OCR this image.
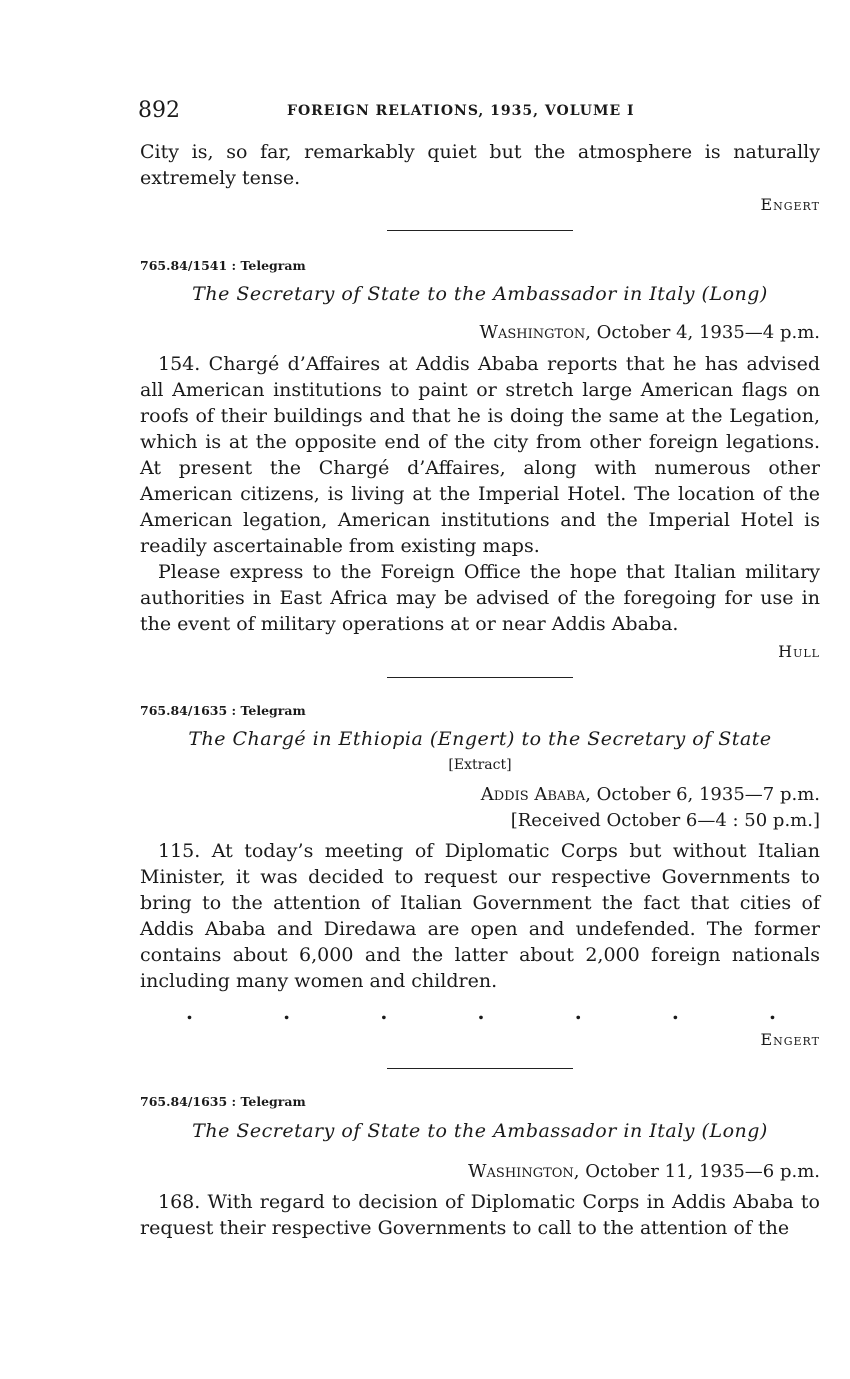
892	FOREIGN RELATIONS, 1935, VOLUME I

City is, so far, remarkably quiet but the atmosphere is naturally extremely tense.

Engert
765.84/1541 : Telegram
The Secretary of State to the Ambassador in Italy (Long)
Washington, October 4, 1935—4 p.m.

154. Chargé d’Affaires at Addis Ababa reports that he has advised all American institutions to paint or stretch large American flags on roofs of their buildings and that he is doing the same at the Legation, which is at the opposite end of the city from other foreign legations. At present the Chargé d’Affaires, along with numerous other American citizens, is living at the Imperial Hotel. The location of the American legation, American institutions and the Imperial Hotel is readily ascertainable from existing maps.

Please express to the Foreign Office the hope that Italian military authorities in East Africa may be advised of the foregoing for use in the event of military operations at or near Addis Ababa.

Hull
765.84/1635 : Telegram
The Chargé in Ethiopia (Engert) to the Secretary of State
[Extract]
Addis Ababa, October 6, 1935—7 p.m.
[Received October 6—4 : 50 p.m.]

115. At today’s meeting of Diplomatic Corps but without Italian Minister, it was decided to request our respective Governments to bring to the attention of Italian Government the fact that cities of Addis Ababa and Diredawa are open and undefended. The former contains about 6,000 and the latter about 2,000 foreign nationals including many women and children.

.	.	.	.	.	.	.
Engert
765.84/1635 : Telegram
The Secretary of State to the Ambassador in Italy (Long)
Washington, October 11, 1935—6 p.m.

168. With regard to decision of Diplomatic Corps in Addis Ababa to request their respective Governments to call to the attention of the
